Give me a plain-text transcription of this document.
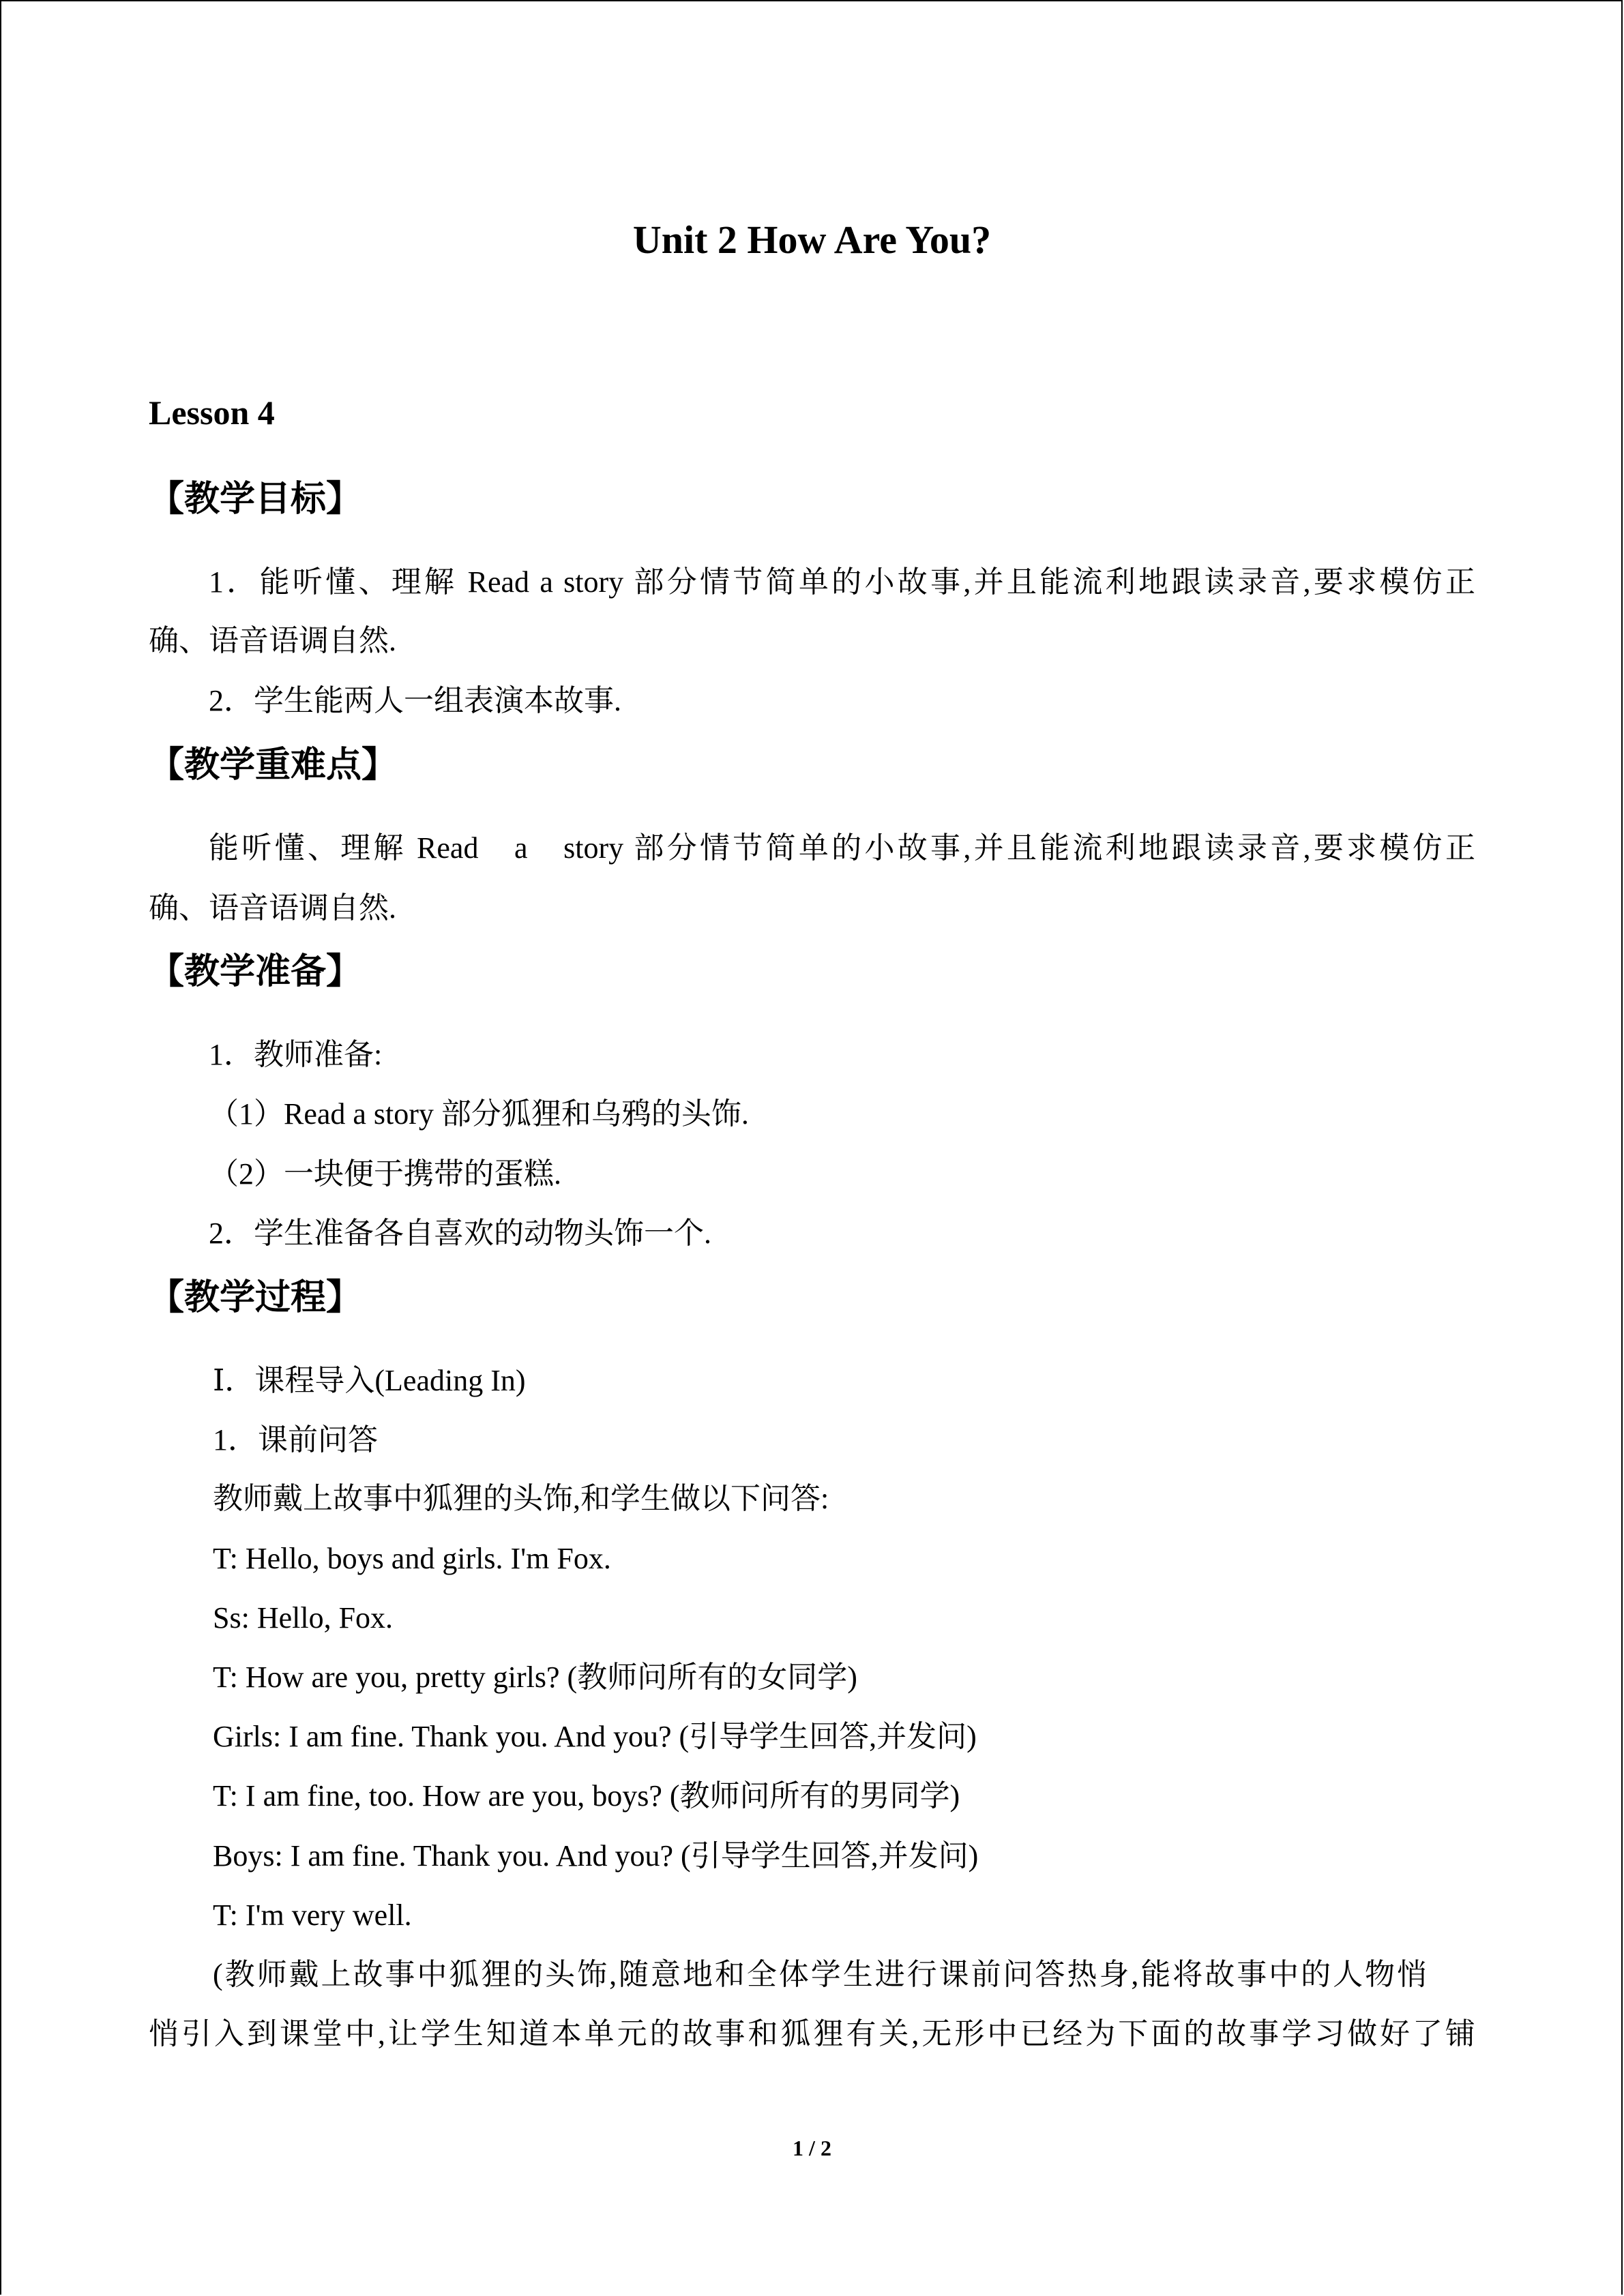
Unit 2 How Are You?
Lesson 4
【教学目标】

1．能听懂、理解 Read a story 部分情节简单的小故事,并且能流利地跟读录音,要求模仿正

确、语音语调自然.

2．学生能两人一组表演本故事.

【教学重难点】

能听懂、理解 Read　a　story 部分情节简单的小故事,并且能流利地跟读录音,要求模仿正

确、语音语调自然.

【教学准备】

1．教师准备:

（1）Read a story 部分狐狸和乌鸦的头饰.

（2）一块便于携带的蛋糕.

2．学生准备各自喜欢的动物头饰一个.

【教学过程】

Ⅰ．课程导入(Leading In)

1．课前问答

教师戴上故事中狐狸的头饰,和学生做以下问答:

T: Hello, boys and girls. I'm Fox.

Ss: Hello, Fox.

T: How are you, pretty girls? (教师问所有的女同学)

Girls: I am fine. Thank you. And you? (引导学生回答,并发问)

T: I am fine, too. How are you, boys? (教师问所有的男同学)

Boys: I am fine. Thank you. And you? (引导学生回答,并发问)

T: I'm very well.

(教师戴上故事中狐狸的头饰,随意地和全体学生进行课前问答热身,能将故事中的人物悄

悄引入到课堂中,让学生知道本单元的故事和狐狸有关,无形中已经为下面的故事学习做好了铺

1 / 2
